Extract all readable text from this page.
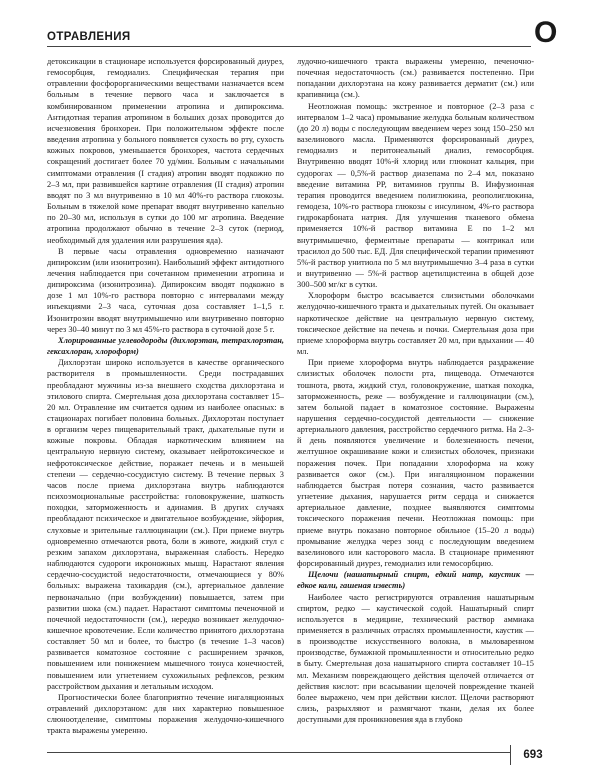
ОТРАВЛЕНИЯ	О

детоксикации в стационаре используется форсированный диурез, гемосорбция, гемодиализ. Специфическая терапия при отравлении фосфорорганическими веществами назначается всем больным в течение первого часа и заключается в комбинированном применении атропина и дипироксима. Антидотная терапия атропином в больших дозах проводится до исчезновения бронхореи. При положительном эффекте после введения атропина у больного появляется сухость во рту, сухость кожных покровов, уменьшается бронхорея, частота сердечных сокращений достигает более 70 уд/мин. Больным с начальными симптомами отравления (I стадия) атропин вводят подкожно по 2–3 мл, при развившейся картине отравления (II стадия) атропин вводят по 3 мл внутривенно в 10 мл 40%-го раствора глюкозы. Больным в тяжелой коме препарат вводят внутривенно капельно по 20–30 мл, используя в сутки до 100 мг атропина. Введение атропина продолжают обычно в течение 2–3 суток (период, необходимый для удаления или разрушения яда).

В первые часы отравления одновременно назначают дипироксим (или изонитрозин). Наибольший эффект антидотного лечения наблюдается при сочетанном применении атропина и дипироксима (изонитрозина). Дипироксим вводят подкожно в дозе 1 мл 10%-го раствора повторно с интервалами между инъекциями 2–3 часа, суточная доза составляет 1–1,5 г. Изонитрозин вводят внутримышечно или внутривенно повторно через 30–40 минут по 3 мл 45%-го раствора в суточной дозе 5 г.

Хлорированные углеводороды (дихлорэтан, тетрахлорэтан, гексахлоран, хлороформ)

Дихлорэтан широко используется в качестве органического растворителя в промышленности. Среди пострадавших преобладают мужчины из-за внешнего сходства дихлорэтана и этилового спирта. Смертельная доза дихлорэтана составляет 15–20 мл. Отравление им считается одним из наиболее опасных: в стационарах погибает половина больных. Дихлорэтан поступает в организм через пищеварительный тракт, дыхательные пути и кожные покровы. Обладая наркотическим влиянием на центральную нервную систему, оказывает нейротоксическое и нефротоксическое действие, поражает печень и в меньшей степени — сердечно-сосудистую систему. В течение первых 3 часов после приема дихлорэтана внутрь наблюдаются психоэмоциональные расстройства: головокружение, шаткость походки, заторможенность и адинамия. В других случаях преобладают психическое и двигательное возбуждение, эйфория, слуховые и зрительные галлюцинации (см.). При приеме внутрь одновременно отмечаются рвота, боли в животе, жидкий стул с резким запахом дихлорэтана, выраженная слабость. Нередко наблюдаются судороги икроножных мышц. Нарастают явления сердечно-сосудистой недостаточности, отмечающиеся у 80% больных: выражена тахикардия (см.), артериальное давление первоначально (при возбуждении) повышается, затем при развитии шока (см.) падает. Нарастают симптомы печеночной и почечной недостаточности (см.), нередко возникает желудочно-кишечное кровотечение. Если количество принятого дихлорэтана составляет 50 мл и более, то быстро (в течение 1–3 часов) развивается коматозное состояние с расширением зрачков, повышением или понижением мышечного тонуса конечностей, повышением или угнетением сухожильных рефлексов, резким расстройством дыхания и летальным исходом.

Прогностически более благоприятно течение ингаляционных отравлений дихлорэтаном: для них характерно повышенное слюноотделение, симптомы поражения желудочно-кишечного тракта выражены умеренно.

лудочно-кишечного тракта выражены умеренно, печеночно-почечная недостаточность (см.) развивается постепенно. При попадании дихлорэтана на кожу развивается дерматит (см.) или крапивница (см.).

Неотложная помощь: экстренное и повторное (2–3 раза с интервалом 1–2 часа) промывание желудка больным количеством (до 20 л) воды с последующим введением через зонд 150–250 мл вазелинового масла. Применяются форсированный диурез, гемодиализ и перитонеальный диализ, гемосорбция. Внутривенно вводят 10%-й хлорид или глюконат кальция, при судорогах — 0,5%-й раствор диазепама по 2–4 мл, показано введение витамина PP, витаминов группы B. Инфузионная терапия проводится введением полиглюкина, реополиглюкина, гемодеза, 10%-го раствора глюкозы с инсулином, 4%-го раствора гидрокарбоната натрия. Для улучшения тканевого обмена применяется 10%-й раствор витамина E по 1–2 мл внутримышечно, ферментные препараты — контрикал или трасилол до 500 тыс. ЕД. Для специфической терапии применяют 5%-й раствор унитиола по 5 мл внутримышечно 3–4 раза в сутки и внутривенно — 5%-й раствор ацетилцистеина в общей дозе 300–500 мг/кг в сутки.

Хлороформ быстро всасывается слизистыми оболочками желудочно-кишечного тракта и дыхательных путей. Он оказывает наркотическое действие на центральную нервную систему, токсическое действие на печень и почки. Смертельная доза при приеме хлороформа внутрь составляет 20 мл, при вдыхании — 40 мл.

При приеме хлороформа внутрь наблюдается раздражение слизистых оболочек полости рта, пищевода. Отмечаются тошнота, рвота, жидкий стул, головокружение, шаткая походка, заторможенность, реже — возбуждение и галлюцинации (см.), затем больной падает в коматозное состояние. Выражены нарушения сердечно-сосудистой деятельности — снижение артериального давления, расстройство сердечного ритма. На 2–3-й день появляются увеличение и болезненность печени, желтушное окрашивание кожи и слизистых оболочек, признаки поражения почек. При попадании хлороформа на кожу развивается ожог (см.). При ингаляционном поражении наблюдается быстрая потеря сознания, часто развивается угнетение дыхания, нарушается ритм сердца и снижается артериальное давление, позднее выявляются симптомы токсического поражения печени. Неотложная помощь: при приеме внутрь показано повторное обильное (15–20 л воды) промывание желудка через зонд с последующим введением вазелинового или касторового масла. В стационаре применяют форсированный диурез, гемодиализ или гемосорбцию.

Щелочи (нашатырный спирт, едкий натр, каустик — едкое кали, гашеная известь)

Наиболее часто регистрируются отравления нашатырным спиртом, редко — каустической содой. Нашатырный спирт используется в медицине, технический раствор аммиака применяется в различных отраслях промышленности, каустик — в производстве искусственного волокна, в мыловаренном производстве, бумажной промышленности и относительно редко в быту. Смертельная доза нашатырного спирта составляет 10–15 мл. Механизм повреждающего действия щелочей отличается от действия кислот: при всасывании щелочей повреждение тканей более выражено, чем при действии кислот. Щелочи растворяют слизь, разрыхляют и размягчают ткани, делая их более доступными для проникновения яда в глубоко

693
